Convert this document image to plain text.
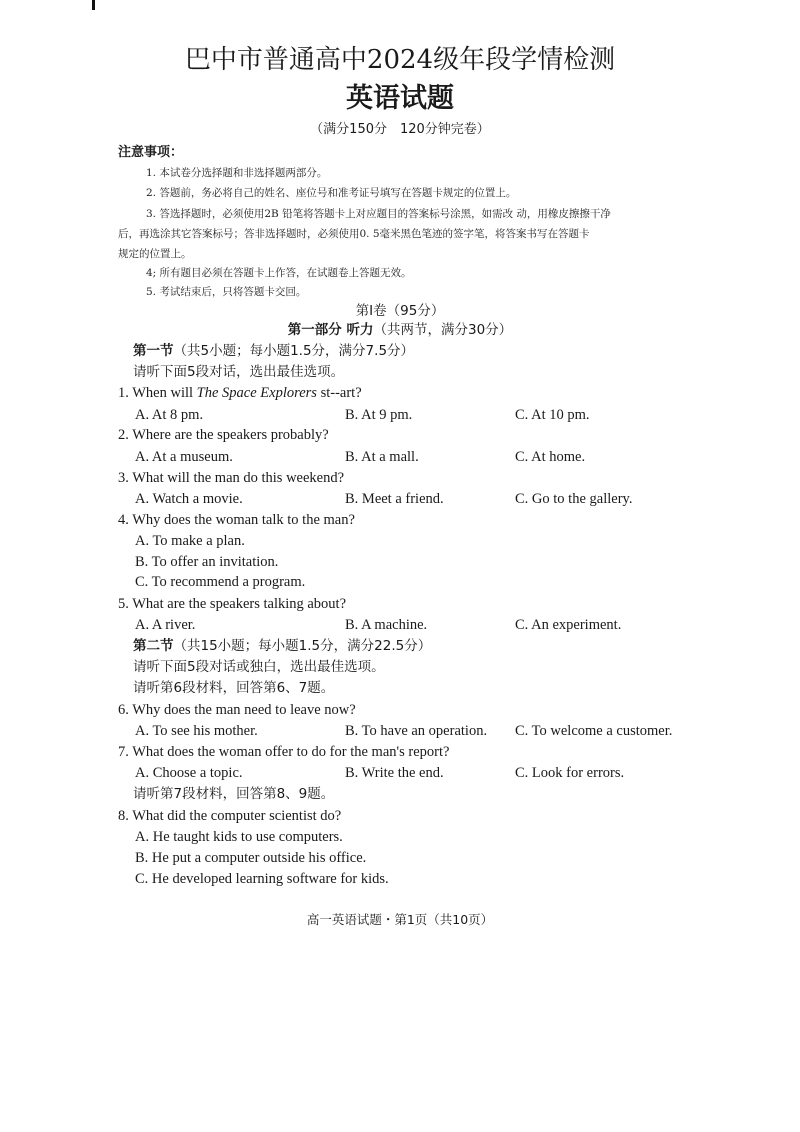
巴中市普通高中2024级年段学情检测
英语试题
（满分150分　120分钟完卷）
注意事项：
1. 本试卷分选择题和非选择题两部分。
2. 答题前，务必将自己的姓名、座位号和准考证号填写在答题卡规定的位置上。
3. 答选择题时，必须使用2B 铅笔将答题卡上对应题目的答案标号涂黑，如需改 动，用橡皮擦擦干净
后，再选涂其它答案标号；答非选择题时，必须使用0. 5毫米黑色笔迹的签字笔，将答案书写在答题卡
规定的位置上。
4; 所有题目必须在答题卡上作答，在试题卷上答题无效。
5. 考试结束后，只将答题卡交回。
第Ⅰ卷（95分）
第一部分 听力（共两节，满分30分）
第一节（共5小题；每小题1.5分，满分7.5分）
请听下面5段对话，选出最佳选项。
1. When will The Space Explorers st--art?
A. At 8 pm.	B. At 9 pm.	C. At 10 pm.
2. Where are the speakers probably?
A. At a museum.	B. At a mall.	C. At home.
3. What will the man do this weekend?
A. Watch a movie.	B. Meet a friend.	C. Go to the gallery.
4. Why does the woman talk to the man?
A. To make a plan.
B. To offer an invitation.
C. To recommend a program.
5. What are the speakers talking about?
A. A river.	B. A machine.	C. An experiment.
第二节（共15小题；每小题1.5分，满分22.5分）
请听下面5段对话或独白，选出最佳选项。
请听第6段材料，回答第6、7题。
6. Why does the man need to leave now?
A. To see his mother.	B. To have an operation. C. To welcome a customer.
7. What does the woman offer to do for the man's report?
A. Choose a topic.	B. Write the end.	C. Look for errors.
请听第7段材料，回答第8、9题。
8. What did the computer scientist do?
A. He taught kids to use computers.
B. He put a computer outside his office.
C. He developed learning software for kids.
高一英语试题・第1页（共10页）
